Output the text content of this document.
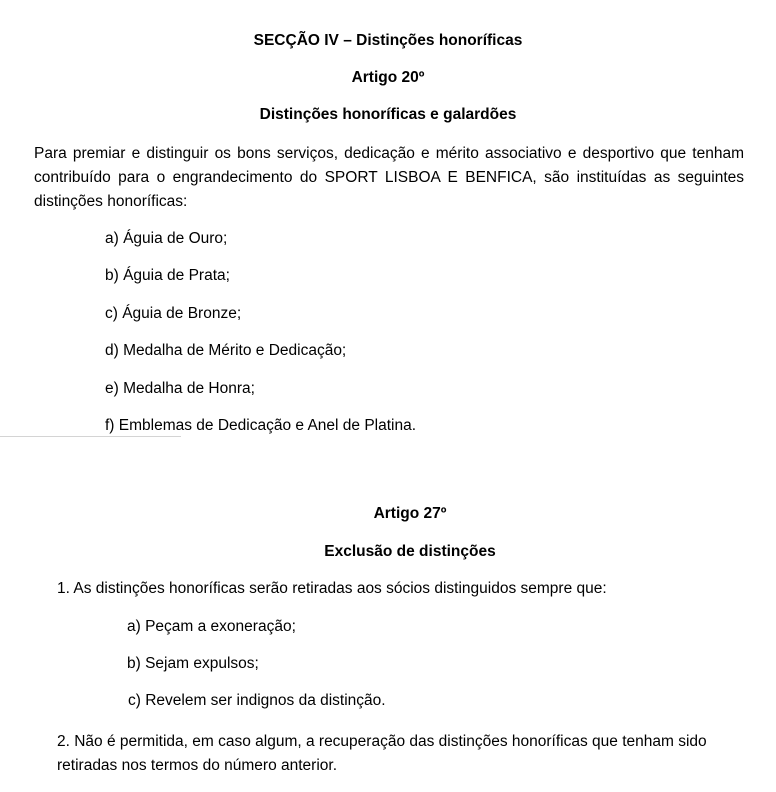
SECÇÃO IV – Distinções honoríficas
Artigo 20º
Distinções honoríficas e galardões
Para premiar e distinguir os bons serviços, dedicação e mérito associativo e desportivo que tenham contribuído para o engrandecimento do SPORT LISBOA E BENFICA, são instituídas as seguintes distinções honoríficas:
a) Águia de Ouro;
b) Águia de Prata;
c) Águia de Bronze;
d) Medalha de Mérito e Dedicação;
e) Medalha de Honra;
f) Emblemas de Dedicação e Anel de Platina.
Artigo 27º
Exclusão de distinções
1. As distinções honoríficas serão retiradas aos sócios distinguidos sempre que:
a) Peçam a exoneração;
b) Sejam expulsos;
c) Revelem ser indignos da distinção.
2. Não é permitida, em caso algum, a recuperação das distinções honoríficas que tenham sido retiradas nos termos do número anterior.
